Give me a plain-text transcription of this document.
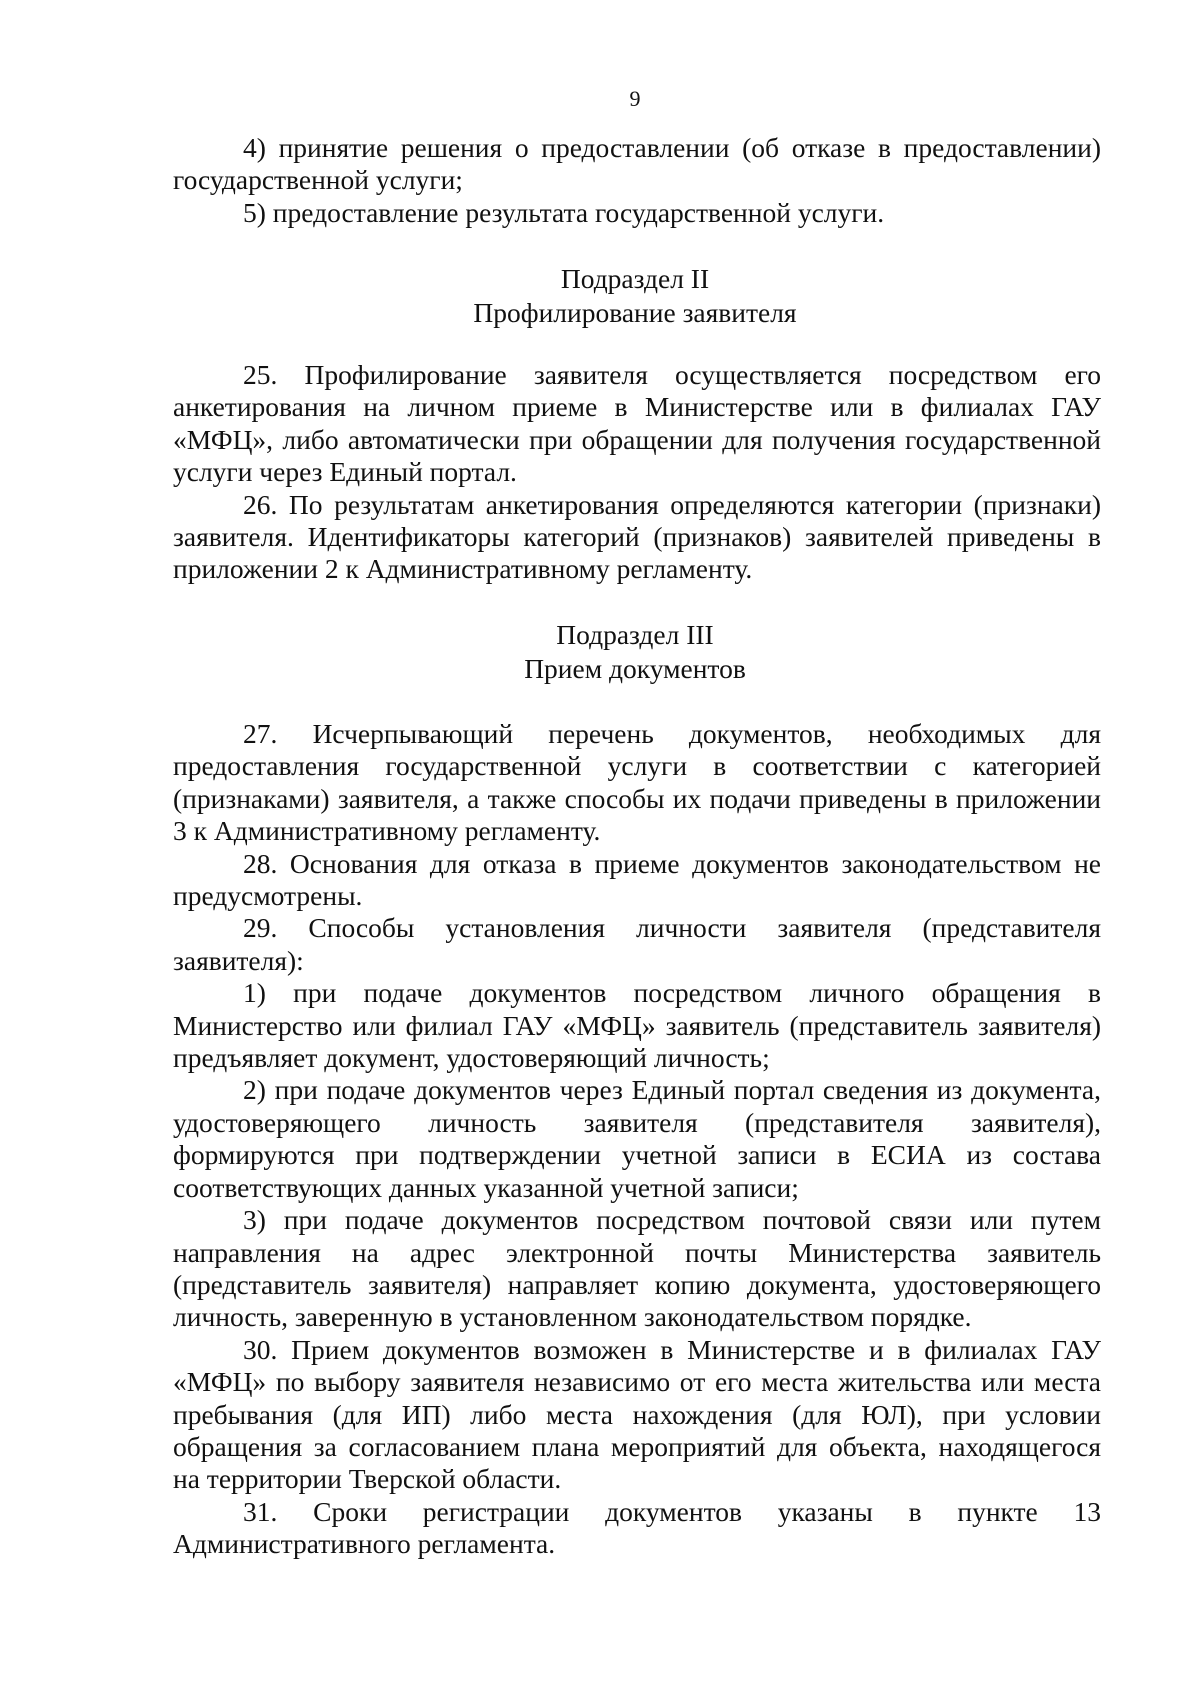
9

4) принятие решения о предоставлении (об отказе в предоставлении) государственной услуги;

5) предоставление результата государственной услуги.

Подраздел II
Профилирование заявителя

25. Профилирование заявителя осуществляется посредством его анкетирования на личном приеме в Министерстве или в филиалах ГАУ «МФЦ», либо автоматически при обращении для получения государственной услуги через Единый портал.

26. По результатам анкетирования определяются категории (признаки) заявителя. Идентификаторы категорий (признаков) заявителей приведены в приложении 2 к Административному регламенту.

Подраздел III
Прием документов

27. Исчерпывающий перечень документов, необходимых для предоставления государственной услуги в соответствии с категорией (признаками) заявителя, а также способы их подачи приведены в приложении 3 к Административному регламенту.

28. Основания для отказа в приеме документов законодательством не предусмотрены.

29. Способы установления личности заявителя (представителя заявителя):

1) при подаче документов посредством личного обращения в Министерство или филиал ГАУ «МФЦ» заявитель (представитель заявителя) предъявляет документ, удостоверяющий личность;

2) при подаче документов через Единый портал сведения из документа, удостоверяющего личность заявителя (представителя заявителя), формируются при подтверждении учетной записи в ЕСИА из состава соответствующих данных указанной учетной записи;

3) при подаче документов посредством почтовой связи или путем направления на адрес электронной почты Министерства заявитель (представитель заявителя) направляет копию документа, удостоверяющего личность, заверенную в установленном законодательством порядке.

30. Прием документов возможен в Министерстве и в филиалах ГАУ «МФЦ» по выбору заявителя независимо от его места жительства или места пребывания (для ИП) либо места нахождения (для ЮЛ), при условии обращения за согласованием плана мероприятий для объекта, находящегося на территории Тверской области.

31. Сроки регистрации документов указаны в пункте 13 Административного регламента.
